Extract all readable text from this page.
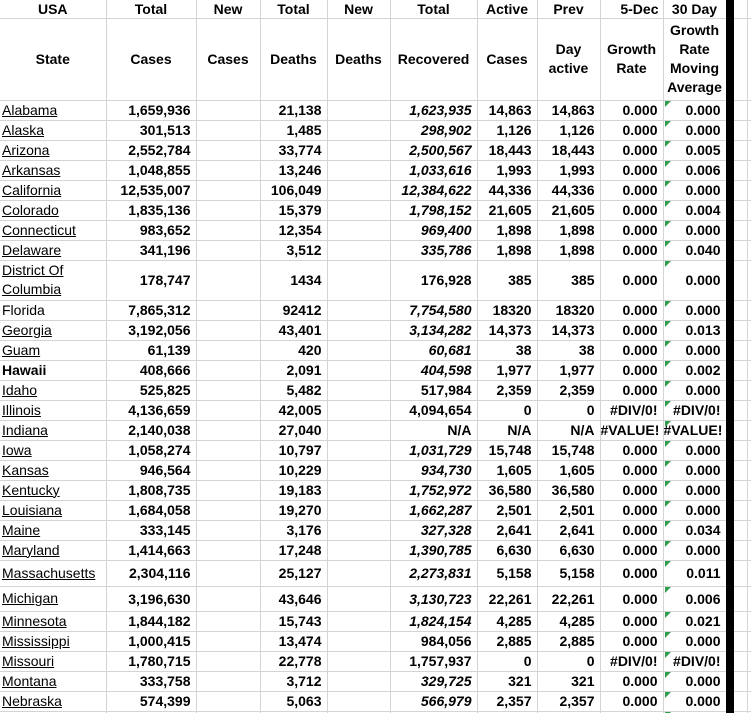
USA	Total	New	Total	New	Total	Active	Prev	5-Dec	30 Day		
State	Cases	Cases	Deaths	Deaths	Recovered	Cases	Day active	Growth Rate	Growth Rate Moving Average		
Alabama	1,659,936		21,138		1,623,935	14,863	14,863	0.000	0.000

Alaska	301,513		1,485		298,902	1,126	1,126	0.000	0.000

Arizona	2,552,784		33,774		2,500,567	18,443	18,443	0.000	0.005

Arkansas	1,048,855		13,246		1,033,616	1,993	1,993	0.000	0.006

California	12,535,007		106,049		12,384,622	44,336	44,336	0.000	0.000

Colorado	1,835,136		15,379		1,798,152	21,605	21,605	0.000	0.004

Connecticut	983,652		12,354		969,400	1,898	1,898	0.000	0.000

Delaware	341,196		3,512		335,786	1,898	1,898	0.000	0.040

District Of Columbia	178,747		1434		176,928	385	385	0.000	0.000

Florida	7,865,312		92412		7,754,580	18320	18320	0.000	0.000

Georgia	3,192,056		43,401		3,134,282	14,373	14,373	0.000	0.013

Guam	61,139		420		60,681	38	38	0.000	0.000

Hawaii	408,666		2,091		404,598	1,977	1,977	0.000	0.002

Idaho	525,825		5,482		517,984	2,359	2,359	0.000	0.000

Illinois	4,136,659		42,005		4,094,654	0	0	#DIV/0!	#DIV/0!

Indiana	2,140,038		27,040		N/A	N/A	N/A	#VALUE!	#VALUE!

Iowa	1,058,274		10,797		1,031,729	15,748	15,748	0.000	0.000

Kansas	946,564		10,229		934,730	1,605	1,605	0.000	0.000

Kentucky	1,808,735		19,183		1,752,972	36,580	36,580	0.000	0.000

Louisiana	1,684,058		19,270		1,662,287	2,501	2,501	0.000	0.000

Maine	333,145		3,176		327,328	2,641	2,641	0.000	0.034

Maryland	1,414,663		17,248		1,390,785	6,630	6,630	0.000	0.000

Massachusetts	2,304,116		25,127		2,273,831	5,158	5,158	0.000	0.011

Michigan	3,196,630		43,646		3,130,723	22,261	22,261	0.000	0.006

Minnesota	1,844,182		15,743		1,824,154	4,285	4,285	0.000	0.021

Mississippi	1,000,415		13,474		984,056	2,885	2,885	0.000	0.000

Missouri	1,780,715		22,778		1,757,937	0	0	#DIV/0!	#DIV/0!

Montana	333,758		3,712		329,725	321	321	0.000	0.000

Nebraska	574,399		5,063		566,979	2,357	2,357	0.000	0.000
